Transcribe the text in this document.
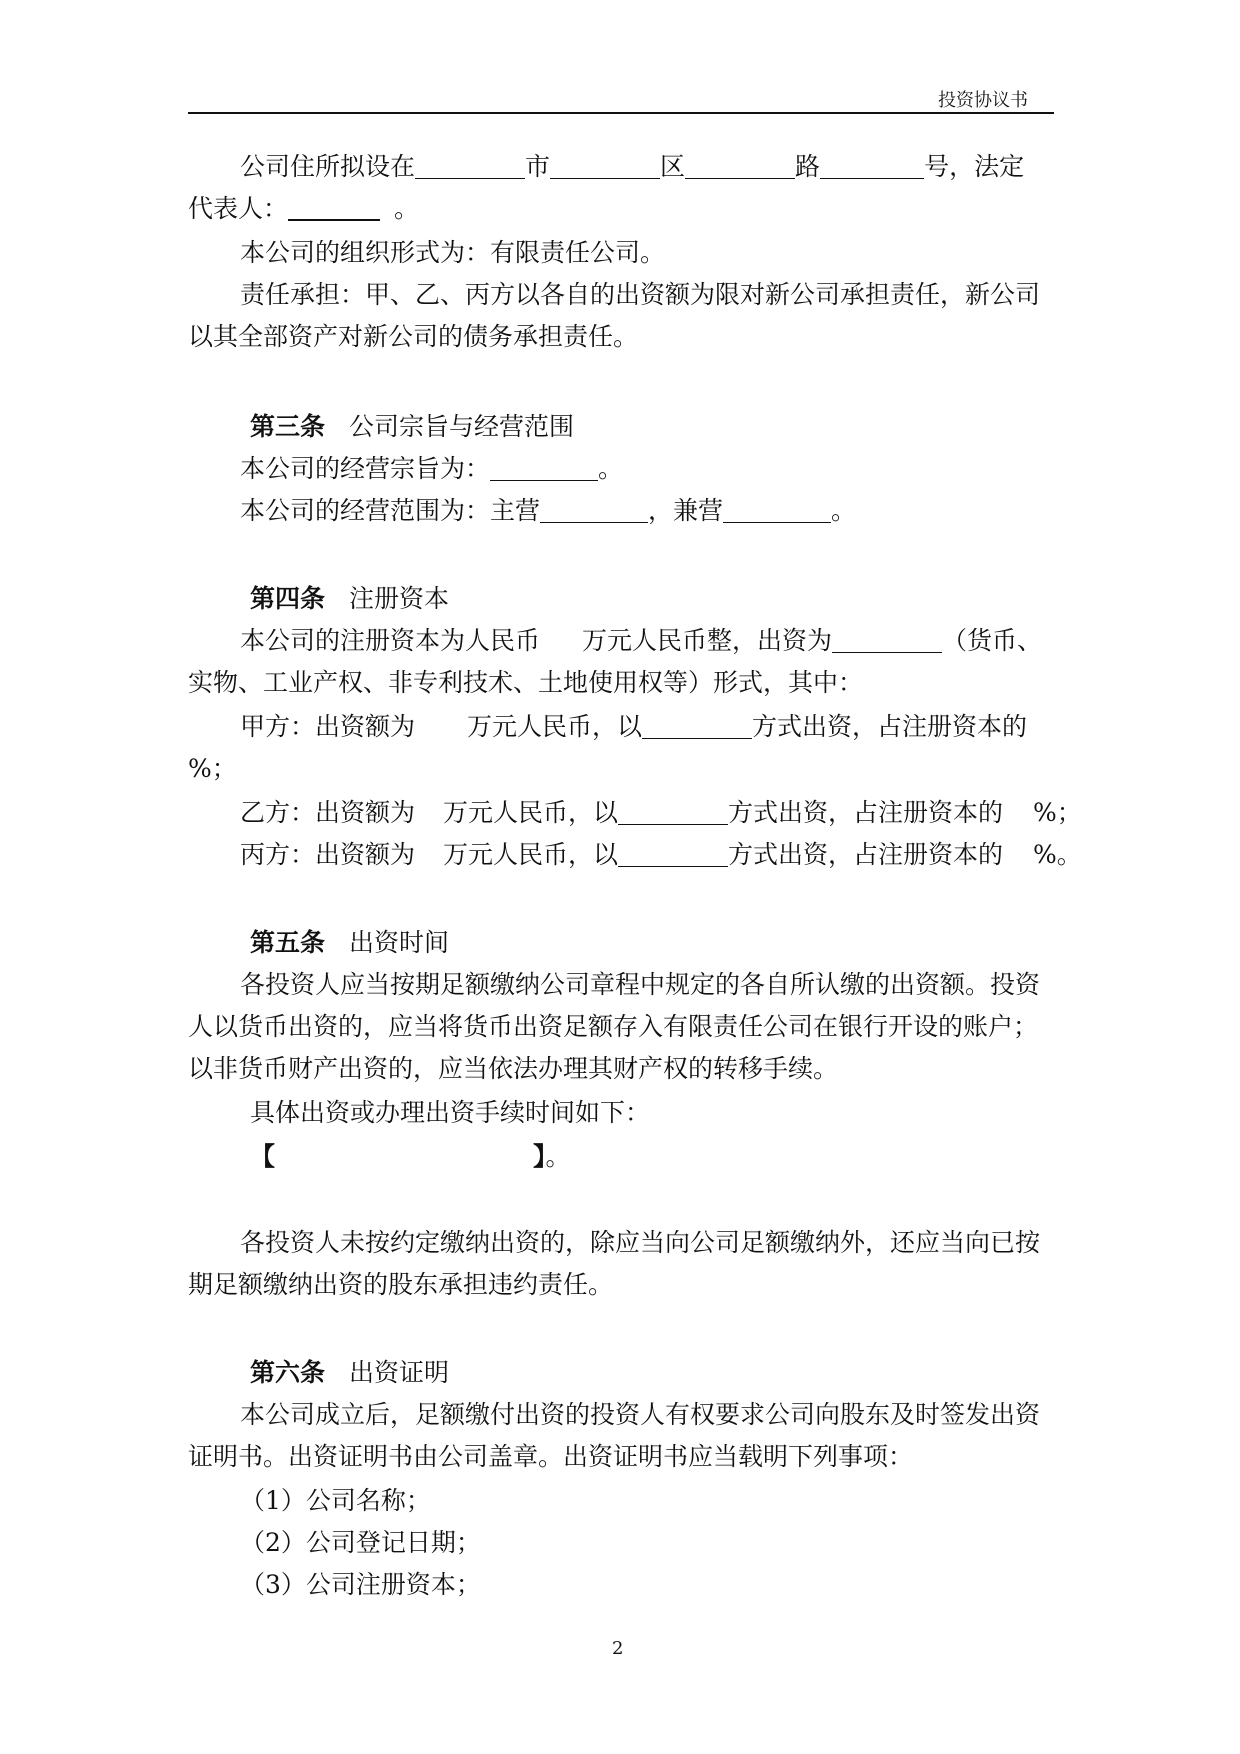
投资协议书
公司住所拟设在	市	区	路	号，法定
代表人：	。
本公司的组织形式为：有限责任公司。
责任承担：甲、乙、丙方以各自的出资额为限对新公司承担责任，新公司
以其全部资产对新公司的债务承担责任。
第三条 公司宗旨与经营范围
本公司的经营宗旨为：	。
本公司的经营范围为：主营	，兼营	。
第四条 注册资本
本公司的注册资本为人民币 万元人民币整，出资为	（货币、
实物、工业产权、非专利技术、土地使用权等）形式，其中：
甲方：出资额为 万元人民币，以	方式出资，占注册资本的
%；
乙方：出资额为 万元人民币，以	方式出资，占注册资本的 %；
丙方：出资额为 万元人民币，以	方式出资，占注册资本的 %。
第五条 出资时间
各投资人应当按期足额缴纳公司章程中规定的各自所认缴的出资额。投资
人以货币出资的，应当将货币出资足额存入有限责任公司在银行开设的账户；
以非货币财产出资的，应当依法办理其财产权的转移手续。
具体出资或办理出资手续时间如下：
【	】。
各投资人未按约定缴纳出资的，除应当向公司足额缴纳外，还应当向已按
期足额缴纳出资的股东承担违约责任。
第六条 出资证明
本公司成立后，足额缴付出资的投资人有权要求公司向股东及时签发出资
证明书。出资证明书由公司盖章。出资证明书应当载明下列事项：
（1）公司名称；
（2）公司登记日期；
（3）公司注册资本；
2
